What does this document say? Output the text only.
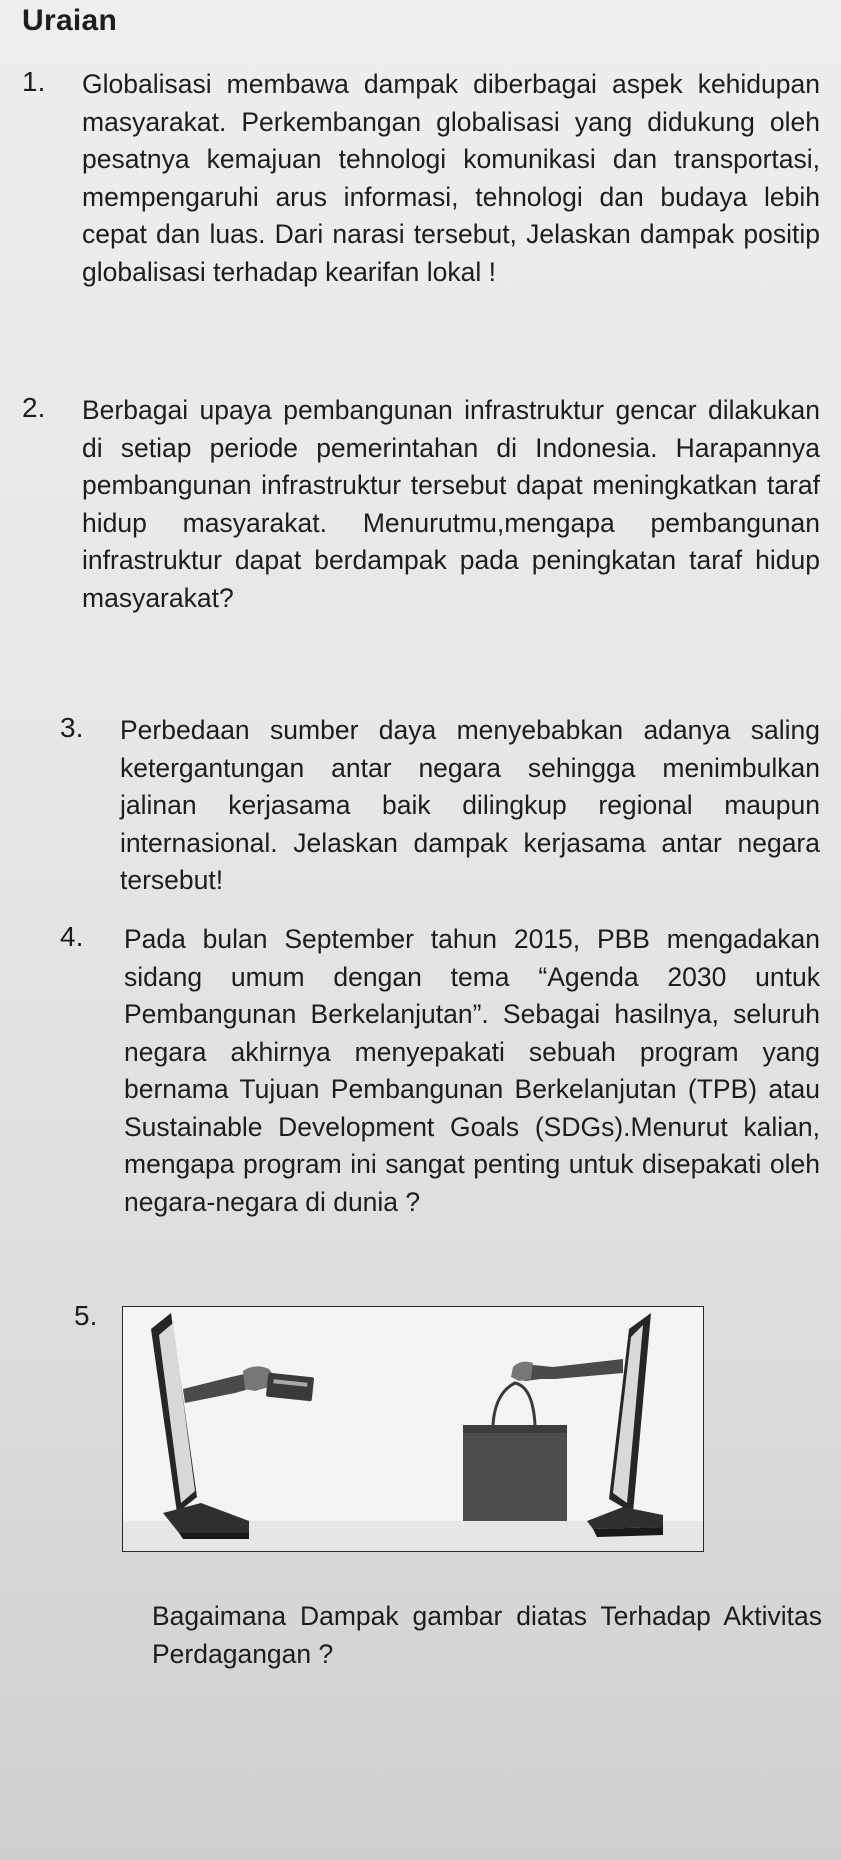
Uraian
1. Globalisasi membawa dampak diberbagai aspek kehidupan masyarakat. Perkembangan globalisasi yang didukung oleh pesatnya kemajuan tehnologi komunikasi dan transportasi, mempengaruhi arus informasi, tehnologi dan budaya lebih cepat dan luas. Dari narasi tersebut, Jelaskan dampak positip globalisasi terhadap kearifan lokal !
2. Berbagai upaya pembangunan infrastruktur gencar dilakukan di setiap periode pemerintahan di Indonesia. Harapannya pembangunan infrastruktur tersebut dapat meningkatkan taraf hidup masyarakat. Menurutmu,mengapa pembangunan infrastruktur dapat berdampak pada peningkatan taraf hidup masyarakat?
3. Perbedaan sumber daya menyebabkan adanya saling ketergantungan antar negara sehingga menimbulkan jalinan kerjasama baik dilingkup regional maupun internasional. Jelaskan dampak kerjasama antar negara tersebut!
4. Pada bulan September tahun 2015, PBB mengadakan sidang umum dengan tema “Agenda 2030 untuk Pembangunan Berkelanjutan”. Sebagai hasilnya, seluruh negara akhirnya menyepakati sebuah program yang bernama Tujuan Pembangunan Berkelanjutan (TPB) atau Sustainable Development Goals (SDGs).Menurut kalian, mengapa program ini sangat penting untuk disepakati oleh negara-negara di dunia ?
5.
Bagaimana Dampak gambar diatas Terhadap Aktivitas Perdagangan ?
